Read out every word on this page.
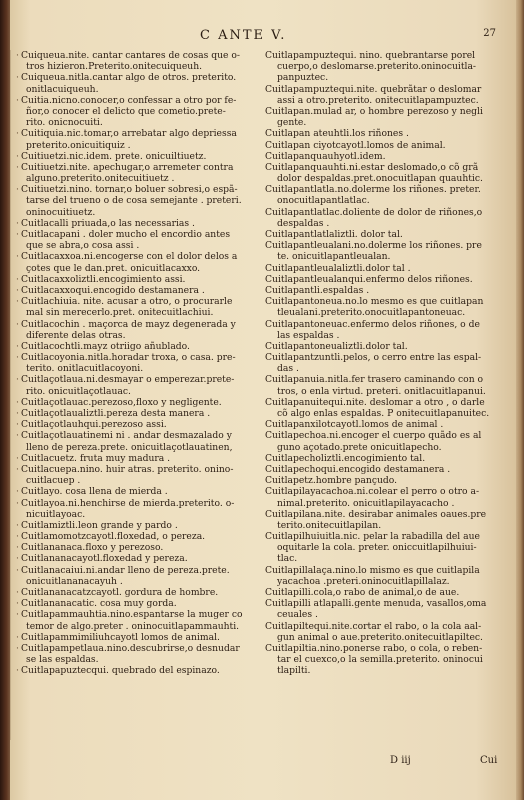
C ANTE V.	27
· Cuiqueua.nite. cantar cantares de cosas que o-
tros hizieron.Preterito.onitecuiqueuh.
· Cuiqueua.nitla.cantar algo de otros. preterito.
onitlacuiqueuh.
· Cuitia.nicno.conocer,o confessar a otro por fe-
ñor,o conocer el delicto que cometio.prete-
rito. onicnocuiti.
· Cuitiquia.nic.tomar,o arrebatar algo depriessa
preterito.onicuitiquiz .
· Cuitiuetzi.nic.idem. prete. onicuiltiuetz.
· Cuitiuetzi.nite. apechugar,o arremeter contra
alguno.preterito.onitecuitiuetz .
· Cuitiuetzi.nino. tornar,o boluer sobresi,o espã-
tarse del trueno o de cosa semejante . preteri.
oninocuitiuetz.
· Cuitlacalli priuada,o las necessarias .
· Cuitlacapani . doler mucho el encordio antes
que se abra,o cosa assi .
· Cuitlacaxxoa.ni.encogerse con el dolor delos a
çotes que le dan.pret. onicuitlacaxxo.
· Cuitlacaxxoliztli.encogimiento assi.
· Cuitlacaxxoqui.encogido destamanera .
· Cuitlachiuia. nite. acusar a otro, o procurarle
mal sin merecerlo.pret. onitecuitlachiui.
· Cuitlacochin . maçorca de mayz degenerada y
diferente delas otras.
· Cuitlacochtli.mayz otriigo añublado.
· Cuitlacoyonia.nitla.horadar troxa, o casa. pre-
terito. onitlacuitlacoyoni.
· Cuitlaçotlaua.ni.desmayar o emperezar.prete-
rito. onicuitlaçotlauac.
· Cuitlaçotlauac.perezoso,floxo y negligente.
· Cuitlaçotlaualiztli.pereza desta manera .
· Cuitlaçotlauhqui.perezoso assi.
· Cuitlaçotlauatinemi ni . andar desmazalado y
lleno de pereza.prete. onicuitlaçotlauatinen,
· Cuitlacuetz. fruta muy madura .
· Cuitlacuepa.nino. huir atras. preterito. onino-
cuitlacuep .
· Cuitlayo. cosa llena de mierda .
· Cuitlayoa.ni.henchirse de mierda.preterito. o-
nicuitlayoac.
· Cuitlamiztli.leon grande y pardo .
· Cuitlamomotzcayotl.floxedad, o pereza.
· Cuitlananaca.floxo y perezoso.
· Cuitlananacayotl.floxedad y pereza.
· Cuitlanacaiui.ni.andar lleno de pereza.prete.
onicuitlananacayuh .
· Cuitlananacatzcayotl. gordura de hombre.
· Cuitlananacatic. cosa muy gorda.
· Cuitlapammauhtia.nino.espantarse la muger co
temor de algo.preter . oninocuitlapammauhti.
· Cuitlapammimiliuhcayotl lomos de animal.
· Cuitlapampetlaua.nino.descubrirse,o desnudar
se las espaldas.
· Cuitlapapuztecqui. quebrado del espinazo.
Cuitlapampuztequi. nino. quebrantarse porel
cuerpo,o deslomarse.preterito.oninocuitla-
panpuztec.
Cuitlapampuztequi.nite. quebrãtar o deslomar
assi a otro.preterito. onitecuitlapampuztec.
Cuitlapan.mulad ar, o hombre perezoso y negli
gente.
Cuitlapan ateuhtli.los riñones .
Cuitlapan ciyotcayotl.lomos de animal.
Cuitlapanquauhyotl.idem.
Cuitlapanquauhti.ni.estar deslomado,o cõ grã
dolor despaldas.pret.onocuitlapan quauhtic.
Cuitlapantlatla.no.dolerme los riñones. preter.
onocuitlapantlatlac.
Cuitlapantlatlac.doliente de dolor de riñones,o
despaldas .
Cuitlapantlatlaliztli. dolor tal.
Cuitlapantleualani.no.dolerme los riñones. pre
te. onicuitlapantleualan.
Cuitlapantleualaliztli.dolor tal .
Cuitlapantleualanqui.enfermo delos riñones.
Cuitlapantli.espaldas .
Cuitlapantoneua.no.lo mesmo es que cuitlapan
tleualani.preterito.onocuitlapantoneuac.
Cuitlapantoneuac.enfermo delos riñones, o de
las espaldas .
Cuitlapantoneualiztli.dolor tal.
Cuitlapantzuntli.pelos, o cerro entre las espal-
das .
Cuitlapanuia.nitla.fer trasero caminando con o
tros, o enla virtud. preteri. onitlacuitlapanui.
Cuitlapanuitequi.nite. deslomar a otro , o darle
cõ algo enlas espaldas. P onitecuitlapanuitec.
Cuitlapanxilotcayotl.lomos de animal .
Cuitlapechoa.ni.encoger el cuerpo quãdo es al
guno açotado.prete onicuitlapecho.
Cuitlapecholiztli.encogimiento tal.
Cuitlapechoqui.encogido destamanera .
Cuitlapetz.hombre pançudo.
Cuitlapilayacachoa.ni.colear el perro o otro a-
nimal.preterito. onicuitlapilayacacho .
Cuitlapilana.nite. desirabar animales oaues.pre
terito.onitecuitlapilan.
Cuitlapilhuiuitla.nic. pelar la rabadilla del aue
oquitarle la cola. preter. oniccuitlapilhuiui-
tlac.
Cuitlapillalaça.nino.lo mismo es que cuitlapila
yacachoa .preteri.oninocuitlapillalaz.
Cuitlapilli.cola,o rabo de animal,o de aue.
Cuitlapilli atlapalli.gente menuda, vasallos,oma
ceuales .
Cuitlapiltequi.nite.cortar el rabo, o la cola aal-
gun animal o aue.preterito.onitecuitlapiltec.
Cuitlapiltia.nino.ponerse rabo, o cola, o reben-
tar el cuexco,o la semilla.preterito. oninocui
tlapilti.
D iij	Cui
